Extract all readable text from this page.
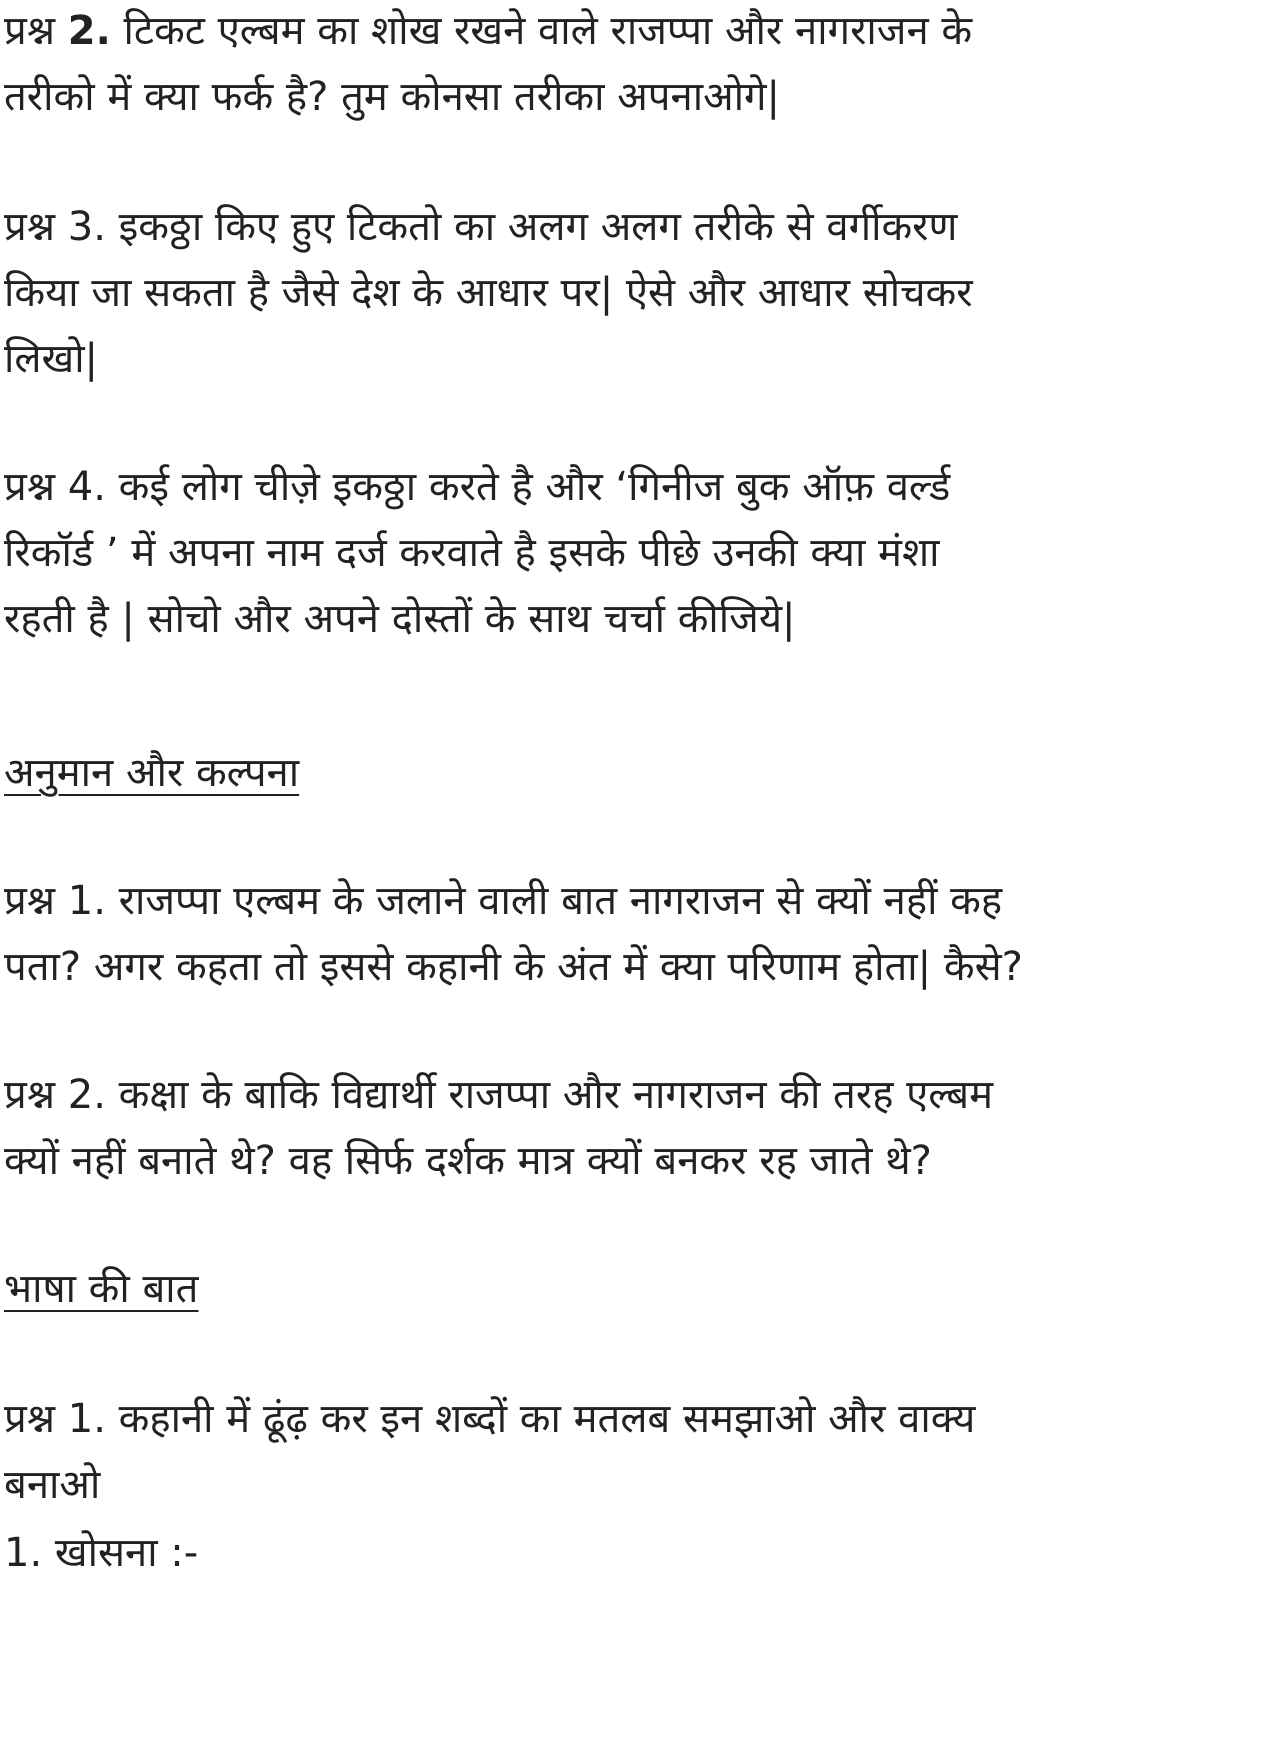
प्रश्न 2. टिकट एल्बम का शोख रखने वाले राजप्पा और नागराजन के

तरीको में क्या फर्क है? तुम कोनसा तरीका अपनाओगे|

प्रश्न 3. इकठ्ठा किए हुए टिकतो का अलग अलग तरीके से वर्गीकरण

किया जा सकता है जैसे देश के आधार पर| ऐसे और आधार सोचकर

लिखो|

प्रश्न 4. कई लोग चीज़े इकठ्ठा करते है और ‘गिनीज बुक ऑफ़ वर्ल्ड

रिकॉर्ड ’ में अपना नाम दर्ज करवाते है इसके पीछे उनकी क्या मंशा

रहती है | सोचो और अपने दोस्तों के साथ चर्चा कीजिये|

अनुमान और कल्पना

प्रश्न 1. राजप्पा एल्बम के जलाने वाली बात नागराजन से क्यों नहीं कह

पता? अगर कहता तो इससे कहानी के अंत में क्या परिणाम होता| कैसे?

प्रश्न 2. कक्षा के बाकि विद्यार्थी राजप्पा और नागराजन की तरह एल्बम

क्यों नहीं बनाते थे? वह सिर्फ दर्शक मात्र क्यों बनकर रह जाते थे?

भाषा की बात

प्रश्न 1. कहानी में ढूंढ़ कर इन शब्दों का मतलब समझाओ और वाक्य

बनाओ

1. खोसना :-
